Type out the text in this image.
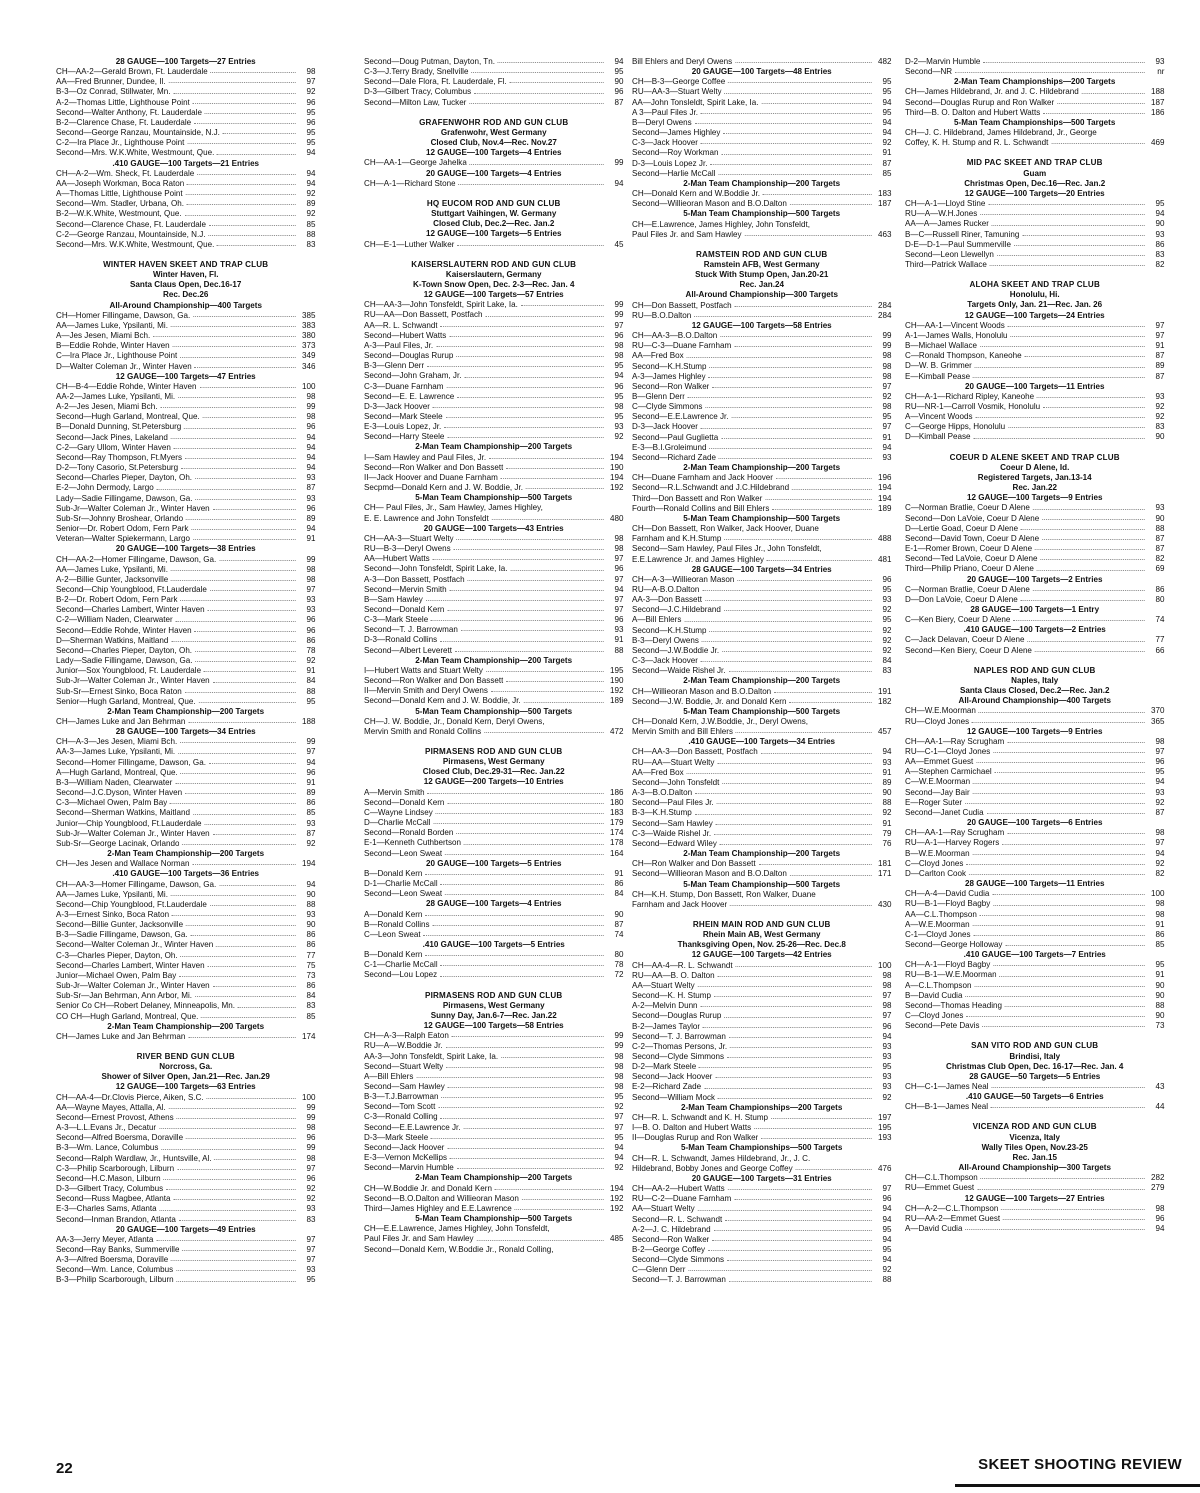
28 GAUGE—100 Targets—27 Entries
CH—AA-2—Gerald Brown, Ft. Lauderdale	98
AA—Fred Brunner, Dundee, Il.	97
B-3—Oz Conrad, Stillwater, Mn.	92
A-2—Thomas Little, Lighthouse Point	96
Second—Walter Anthony, Ft. Lauderdale	95
B-2—Clarence Chase, Ft. Lauderdale	96
Second—George Ranzau, Mountainside, N.J.	95
C-2—Ira Place Jr., Lighthouse Point	95
Second—Mrs. W.K.White, Westmount, Que.	94
.410 GAUGE—100 Targets—21 Entries
CH—A-2—Wm. Sheck, Ft. Lauderdale	94
AA—Joseph Workman, Boca Raton	94
A—Thomas Little, Lighthouse Point	92
Second—Wm. Stadler, Urbana, Oh.	89
B-2—W.K.White, Westmount, Que.	92
Second—Clarence Chase, Ft. Lauderdale	85
C-2—George Ranzau, Mountainside, N.J.	88
Second—Mrs. W.K.White, Westmount, Que.	83
WINTER HAVEN SKEET AND TRAP CLUB
Winter Haven, Fl.
Santa Claus Open, Dec.16-17
Rec. Dec.26
All-Around Championship—400 Targets
CH—Homer Fillingame, Dawson, Ga.	385
AA—James Luke, Ypsilanti, Mi.	383
A—Jes Jesen, Miami Bch.	380
B—Eddie Rohde, Winter Haven	373
C—Ira Place Jr., Lighthouse Point	349
D—Walter Coleman Jr., Winter Haven	346
12 GAUGE—100 Targets—47 Entries
CH—B-4—Eddie Rohde, Winter Haven	100
AA-2—James Luke, Ypsilanti, Mi.	98
A-2—Jes Jesen, Miami Bch.	99
Second—Hugh Garland, Montreal, Que.	98
B—Donald Dunning, St.Petersburg	96
Second—Jack Pines, Lakeland	94
C-2—Gary Ullom, Winter Haven	94
Second—Ray Thompson, Ft.Myers	94
D-2—Tony Casorio, St.Petersburg	94
Second—Charles Pieper, Dayton, Oh.	93
E-2—John Dermody, Largo	87
Lady—Sadie Fillingame, Dawson, Ga.	93
Sub-Jr—Walter Coleman Jr., Winter Haven	96
Sub-Sr—Johnny Broshear, Orlando	89
Senior—Dr. Robert Odom, Fern Park	94
Veteran—Walter Spiekermann, Largo	91
20 GAUGE—100 Targets—38 Entries
CH—AA-2—Homer Fillingame, Dawson, Ga.	99
AA—James Luke, Ypsilanti, Mi.	98
A-2—Billie Gunter, Jacksonville	98
Second—Chip Youngblood, Ft.Lauderdale	97
B-2—Dr. Robert Odom, Fern Park	93
Second—Charles Lambert, Winter Haven	93
C-2—William Naden, Clearwater	96
Second—Eddie Rohde, Winter Haven	96
D—Sherman Watkins, Maitland	86
Second—Charles Pieper, Dayton, Oh.	78
Lady—Sadie Fillingame, Dawson, Ga.	92
Junior—Sox Youngblood, Ft. Lauderdale	91
Sub-Jr—Walter Coleman Jr., Winter Haven	84
Sub-Sr—Ernest Sinko, Boca Raton	88
Senior—Hugh Garland, Montreal, Que.	95
2-Man Team Championship—200 Targets
CH—James Luke and Jan Behrman	188
28 GAUGE—100 Targets—34 Entries
CH—A-3—Jes Jesen, Miami Bch.	99
AA-3—James Luke, Ypsilanti, Mi.	97
Second—Homer Fillingame, Dawson, Ga.	94
A—Hugh Garland, Montreal, Que.	96
B-3—William Naden, Clearwater	91
Second—J.C.Dyson, Winter Haven	89
C-3—Michael Owen, Palm Bay	86
Second—Sherman Watkins, Maitland	85
Junior—Chip Youngblood, Ft.Lauderdale	93
Sub-Jr—Walter Coleman Jr., Winter Haven	87
Sub-Sr—George Lacinak, Orlando	92
2-Man Team Championship—200 Targets
CH—Jes Jesen and Wallace Norman	194
.410 GAUGE—100 Targets—36 Entries
CH—AA-3—Homer Fillingame, Dawson, Ga.	94
AA—James Luke, Ypsilanti, Mi.	90
Second—Chip Youngblood, Ft.Lauderdale	88
A-3—Ernest Sinko, Boca Raton	93
Second—Billie Gunter, Jacksonville	90
B-3—Sadie Fillingame, Dawson, Ga.	86
Second—Walter Coleman Jr., Winter Haven	86
C-3—Charles Pieper, Dayton, Oh.	77
Second—Charles Lambert, Winter Haven	75
Junior—Michael Owen, Palm Bay	73
Sub-Jr—Walter Coleman Jr., Winter Haven	86
Sub-Sr—Jan Behrman, Ann Arbor, Mi.	84
Senior Co CH—Robert Delaney, Minneapolis, Mn.	83
CO CH—Hugh Garland, Montreal, Que.	85
2-Man Team Championship—200 Targets
CH—James Luke and Jan Behrman	174
RIVER BEND GUN CLUB
Norcross, Ga.
Shower of Silver Open, Jan.21—Rec. Jan.29
12 GAUGE—100 Targets—63 Entries
CH—AA-4—Dr.Clovis Pierce, Aiken, S.C.	100
AA—Wayne Mayes, Attalla, Al.	99
Second—Ernest Provost, Athens	99
A-3—L.L.Evans Jr., Decatur	98
Second—Alfred Boersma, Doraville	96
B-3—Wm. Lance, Columbus	99
Second—Ralph Wardlaw, Jr., Huntsville, Al.	98
C-3—Philip Scarborough, Lilburn	97
Second—H.C.Mason, Lilburn	96
D-3—Gilbert Tracy, Columbus	92
Second—Russ Magbee, Atlanta	92
E-3—Charles Sams, Atlanta	93
Second—Inman Brandon, Atlanta	83
20 GAUGE—100 Targets—49 Entries
AA-3—Jerry Meyer, Atlanta	97
Second—Ray Banks, Summerville	97
A-3—Alfred Boersma, Doraville	97
Second—Wm. Lance, Columbus	93
B-3—Philip Scarborough, Lilburn	95
Second—Doug Putman, Dayton, Tn.	94
C-3—J.Terry Brady, Snellville	95
Second—Dale Flora, Ft. Lauderdale, Fl.	90
D-3—Gilbert Tracy, Columbus	96
Second—Milton Law, Tucker	87
GRAFENWOHR ROD AND GUN CLUB
Grafenwohr, West Germany
Closed Club, Nov.4—Rec. Nov.27
12 GAUGE—100 Targets—4 Entries
CH—AA-1—George Jahelka	99
20 GAUGE—100 Targets—4 Entries
CH—A-1—Richard Stone	94
HQ EUCOM ROD AND GUN CLUB
Stuttgart Vaihingen, W. Germany
Closed Club, Dec.2—Rec. Jan.2
12 GAUGE—100 Targets—5 Entries
CH—E-1—Luther Walker	45
KAISERSLAUTERN ROD AND GUN CLUB
Kaiserslautern, Germany
K-Town Snow Open, Dec. 2-3—Rec. Jan. 4
12 GAUGE—100 Targets—57 Entries
CH—AA-3—John Tonsfeldt, Spirit Lake, Ia.	99
RU—AA—Don Bassett, Postfach	99
AA—R. L. Schwandt	97
Second—Hubert Watts	96
A-3—Paul Files, Jr.	98
Second—Douglas Rurup	98
B-3—Glenn Derr	95
Second—John Graham, Jr.	94
C-3—Duane Farnham	96
Second—E. E. Lawrence	95
D-3—Jack Hoover	98
Second—Mark Steele	95
E-3—Louis Lopez, Jr.	93
Second—Harry Steele	92
2-Man Team Championship—200 Targets
I—Sam Hawley and Paul Files, Jr.	194
Second—Ron Walker and Don Bassett	190
II—Jack Hoover and Duane Farnham	194
Secpmd—Donald Kern and J. W. Boddie, Jr.	192
5-Man Team Championship—500 Targets
CH— Paul Files, Jr., Sam Hawley, James Highley,
E. E. Lawrence and John Tonsfeldt	480
20 GAUGE—100 Targets—43 Entries
CH—AA-3—Stuart Welty	98
RU—B-3—Deryl Owens	98
AA—Hubert Watts	97
Second—John Tonsfeldt, Spirit Lake, Ia.	96
A-3—Don Bassett, Postfach	97
Second—Mervin Smith	94
B—Sam Hawley	97
Second—Donald Kern	97
C-3—Mark Steele	96
Second—T. J. Barrowman	93
D-3—Ronald Collins	91
Second—Albert Leverett	88
2-Man Team Championship—200 Targets
I—Hubert Watts and Stuart Welty	195
Second—Ron Walker and Don Bassett	190
II—Mervin Smith and Deryl Owens	192
Second—Donald Kern and J. W. Boddie, Jr.	189
5-Man Team Championship—500 Targets
CH—J. W. Boddie, Jr., Donald Kern, Deryl Owens,
Mervin Smith and Ronald Collins	472
PIRMASENS ROD AND GUN CLUB
Pirmasens, West Germany
Closed Club, Dec.29-31—Rec. Jan.22
12 GAUGE—200 Targets—10 Entries
A—Mervin Smith	186
Second—Donald Kern	180
C—Wayne Lindsey	183
D—Charlie McCall	179
Second—Ronald Borden	174
E-1—Kenneth Cuthbertson	178
Second—Leon Sweat	164
20 GAUGE—100 Targets—5 Entries
B—Donald Kern	91
D-1—Charlie McCall	86
Second—Leon Sweat	84
28 GAUGE—100 Targets—4 Entries
A—Donald Kern	90
B—Ronald Collins	87
C—Leon Sweat	74
.410 GAUGE—100 Targets—5 Entries
B—Donald Kern	80
C-1—Charlie McCall	78
Second—Lou Lopez	72
PIRMASENS ROD AND GUN CLUB
Pirmasens, West Germany
Sunny Day, Jan.6-7—Rec. Jan.22
12 GAUGE—100 Targets—58 Entries
CH—A-3—Ralph Eaton	99
RU—A—W.Boddie Jr.	99
AA-3—John Tonsfeldt, Spirit Lake, Ia.	98
Second—Stuart Welty	98
A—Bill Ehlers	98
Second—Sam Hawley	98
B-3—T.J.Barrowman	95
Second—Tom Scott	92
C-3—Ronald Colling	97
Second—E.E.Lawrence Jr.	97
D-3—Mark Steele	95
Second—Jack Hoover	94
E-3—Vernon McKellips	94
Second—Marvin Humble	92
2-Man Team Championship—200 Targets
CH—W.Boddie Jr. and Donald Kern	194
Second—B.O.Dalton and Willieoran Mason	192
Third—James Highley and E.E.Lawrence	192
5-Man Team Championship—500 Targets
CH—E.E.Lawrence, James Highley, John Tonsfeldt,
Paul Files Jr. and Sam Hawley	485
Second—Donald Kern, W.Boddie Jr., Ronald Colling,
Bill Ehlers and Deryl Owens	482
20 GAUGE—100 Targets—48 Entries
CH—B-3—George Coffee	95
RU—AA-3—Stuart Welty	95
AA—John Tonsleldt, Spirit Lake, Ia.	94
A 3—Paul Files Jr.	95
B—Deryl Owens	94
Second—James Highley	94
C-3—Jack Hoover	92
Second—Roy Workman	91
D-3—Louis Lopez Jr.	87
Second—Harlie McCall	85
2-Man Team Championship—200 Targets
CH—Donald Kern and W.Boddie Jr.	183
Second—Willieoran Mason and B.O.Dalton	187
5-Man Team Championship—500 Targets
CH—E.Lawrence, James Highley, John Tonsfeldt,
Paul Files Jr. and Sam Hawley	463
RAMSTEIN ROD AND GUN CLUB
Ramstein AFB, West Germany
Stuck With Stump Open, Jan.20-21
Rec. Jan.24
All-Around Championship—300 Targets
CH—Don Bassett, Postfach	284
RU—B.O.Dalton	284
12 GAUGE—100 Targets—58 Entries
CH—AA-3—B.O.Dalton	99
RU—C-3—Duane Farnham	99
AA—Fred Box	98
Second—K.H.Stump	98
A-3—James Highley	98
Second—Ron Walker	97
B—Glenn Derr	92
C—Clyde Simmons	98
Second—E.E.Lawrence Jr.	95
D-3—Jack Hoover	97
Second—Paul Guglietta	91
E-3—B.I.Groleimund	94
Second—Richard Zade	93
2-Man Team Championship—200 Targets
CH—Duane Farnham and Jack Hoover	196
Second—R.L.Schwandt and J.C.Hildebrand	194
Third—Don Bassett and Ron Walker	194
Fourth—Ronald Collins and Bill Ehlers	189
5-Man Team Championship—500 Targets
CH—Don Bassett, Ron Walker, Jack Hoover, Duane
Farnham and K.H.Stump	488
Second—Sam Hawley, Paul Files Jr., John Tonsfeldt,
E.E.Lawrence Jr. and James Highley	481
28 GAUGE—100 Targets—34 Entries
CH—A-3—Willieoran Mason	96
RU—A-B.O.Dalton	95
AA-3—Don Bassett	93
Second—J.C.Hildebrand	92
A—Bill Ehlers	95
Second—K.H.Stump	92
B-3—Deryl Owens	92
Second—J.W.Boddie Jr.	92
C-3—Jack Hoover	84
Second—Waide Rishel Jr.	83
2-Man Team Championship—200 Targets
CH—Willieoran Mason and B.O.Dalton	191
Second—J.W. Boddie, Jr. and Donald Kern	182
5-Man Team Championship—500 Targets
CH—Donald Kern, J.W.Boddie, Jr., Deryl Owens,
Mervin Smith and Bill Ehlers	457
.410 GAUGE—100 Targets—34 Entries
CH—AA-3—Don Bassett, Postfach	94
RU—AA—Stuart Welty	93
AA—Fred Box	91
Second—John Tonsfeldt	89
A-3—B.O.Dalton	90
Second—Paul Files Jr.	88
B-3—K.H.Stump	92
Second—Sam Hawley	91
C-3—Waide Rishel Jr.	79
Second—Edward Wiley	76
2-Man Team Championship—200 Targets
CH—Ron Walker and Don Bassett	181
Second—Willieoran Mason and B.O.Dalton	171
5-Man Team Championship—500 Targets
CH—K.H. Stump, Don Bassett, Ron Walker, Duane
Farnham and Jack Hoover	430
RHEIN MAIN ROD AND GUN CLUB
Rhein Main AB, West Germany
Thanksgiving Open, Nov. 25-26—Rec. Dec.8
12 GAUGE—100 Targets—42 Entries
CH—AA-4—R. L. Schwandt	100
RU—AA—B. O. Dalton	98
AA—Stuart Welty	98
Second—K. H. Stump	97
A-2—Melvin Dunn	98
Second—Douglas Rurup	97
B-2—James Taylor	96
Second—T. J. Barrowman	94
C-2—Thomas Persons, Jr.	93
Second—Clyde Simmons	93
D-2—Mark Steele	95
Second—Jack Hoover	93
E-2—Richard Zade	93
Second—William Mock	92
2-Man Team Championships—200 Targets
CH—R. L. Schwandt and K. H. Stump	197
I—B. O. Dalton and Hubert Watts	195
II—Douglas Rurup and Ron Walker	193
5-Man Team Championships—500 Targets
CH—R. L. Schwandt, James Hildebrand, Jr., J. C.
Hildebrand, Bobby Jones and George Coffey	476
20 GAUGE—100 Targets—31 Entries
CH—AA-2—Hubert Watts	97
RU—C-2—Duane Farnham	96
AA—Stuart Welty	94
Second—R. L. Schwandt	94
A-2—J. C. Hildebrand	95
Second—Ron Walker	94
B-2—George Coffey	95
Second—Clyde Simmons	94
C—Glenn Derr	92
Second—T. J. Barrowman	88
D-2—Marvin Humble	93
Second—NR	nr
2-Man Team Championships—200 Targets
CH—James Hildebrand, Jr. and J. C. Hildebrand	188
Second—Douglas Rurup and Ron Walker	187
Third—B. O. Dalton and Hubert Watts	186
5-Man Team Championships—500 Targets
CH—J. C. Hildebrand, James Hildebrand, Jr., George
Coffey, K. H. Stump and R. L. Schwandt	469
MID PAC SKEET AND TRAP CLUB
Guam
Christmas Open, Dec.16—Rec. Jan.2
12 GAUGE—100 Targets—20 Entries
CH—A-1—Lloyd Stine	95
RU—A—W.H.Jones	94
AA—A—James Rucker	90
B—C—Russell Riner, Tamuning	93
D-E—D-1—Paul Summerville	86
Second—Leon Llewellyn	83
Third—Patrick Wallace	82
ALOHA SKEET AND TRAP CLUB
Honolulu, Hi.
Targets Only, Jan. 21—Rec. Jan. 26
12 GAUGE—100 Targets—24 Entries
CH—AA-1—Vincent Woods	97
A-1—James Walls, Honolulu	97
B—Michael Wallace	91
C—Ronald Thompson, Kaneohe	87
D—W. B. Grimmer	89
E—Kimball Pease	87
20 GAUGE—100 Targets—11 Entries
CH—A-1—Richard Ripley, Kaneohe	93
RU—NR-1—Carroll Vosmik, Honolulu	92
A—Vincent Woods	92
C—George Hipps, Honolulu	83
D—Kimball Pease	90
COEUR D ALENE SKEET AND TRAP CLUB
Coeur D Alene, Id.
Registered Targets, Jan.13-14
Rec. Jan.22
12 GAUGE—100 Targets—9 Entries
C—Norman Bratlie, Coeur D Alene	93
Second—Don LaVoie, Coeur D Alene	90
D—Lertie Goad, Coeur D Alene	88
Second—David Town, Coeur D Alene	87
E-1—Romer Brown, Coeur D Alene	87
Second—Ted LaVoie, Coeur D Alene	82
Third—Philip Priano, Coeur D Alene	69
20 GAUGE—100 Targets—2 Entries
C—Norman Bratlie, Coeur D Alene	86
D—Don LaVoie, Coeur D Alene	80
28 GAUGE—100 Targets—1 Entry
C—Ken Biery, Coeur D Alene	74
.410 GAUGE—100 Targets—2 Entries
C—Jack Delavan, Coeur D Alene	77
Second—Ken Biery, Coeur D Alene	66
NAPLES ROD AND GUN CLUB
Naples, Italy
Santa Claus Closed, Dec.2—Rec. Jan.2
All-Around Championship—400 Targets
CH—W.E.Moorman	370
RU—Cloyd Jones	365
12 GAUGE—100 Targets—9 Entries
CH—AA-1—Ray Scrugham	98
RU—C-1—Cloyd Jones	97
AA—Emmet Guest	96
A—Stephen Carmichael	95
C—W.E.Moorman	94
Second—Jay Bair	93
E—Roger Suter	92
Second—Janet Cudia	87
20 GAUGE—100 Targets—6 Entries
CH—AA-1—Ray Scrugham	98
RU—A-1—Harvey Rogers	97
B—W.E.Moorman	94
C—Cloyd Jones	92
D—Carlton Cook	82
28 GAUGE—100 Targets—11 Entries
CH—A-4—David Cudia	100
RU—B-1—Floyd Bagby	98
AA—C.L.Thompson	98
A—W.E.Moorman	91
C-1—Cloyd Jones	86
Second—George Holloway	85
.410 GAUGE—100 Targets—7 Entries
CH—A-1—Floyd Bagby	95
RU—B-1—W.E.Moorman	91
A—C.L.Thompson	90
B—David Cudia	90
Second—Thomas Heading	88
C—Cloyd Jones	90
Second—Pete Davis	73
SAN VITO ROD AND GUN CLUB
Brindisi, Italy
Christmas Club Open, Dec. 16-17—Rec. Jan. 4
28 GAUGE—50 Targets—5 Entries
CH—C-1—James Neal	43
.410 GAUGE—50 Targets—6 Entries
CH—B-1—James Neal	44
VICENZA ROD AND GUN CLUB
Vicenza, Italy
Wally Tiles Open, Nov.23-25
Rec. Jan.15
All-Around Championship—300 Targets
CH—C.L.Thompson	282
RU—Emmet Guest	279
12 GAUGE—100 Targets—27 Entries
CH—A-2—C.L.Thompson	98
RU—AA-2—Emmet Guest	96
A—David Cudia	94
22	SKEET SHOOTING REVIEW
